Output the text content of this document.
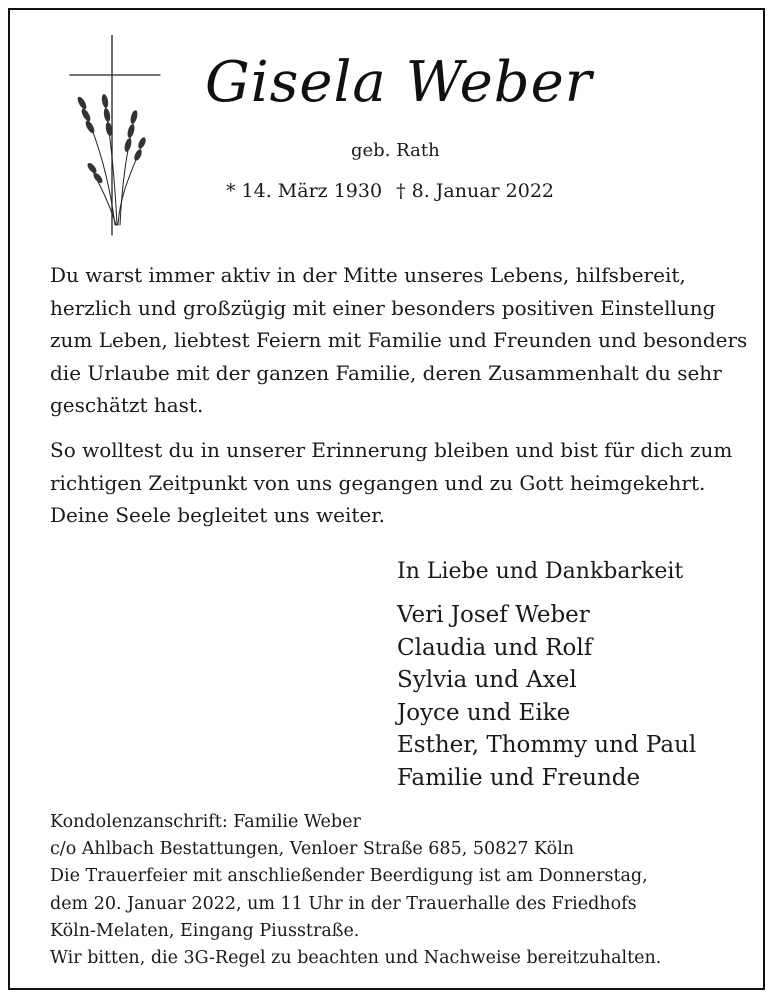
Gisela Weber
geb. Rath
* 14. März 1930 † 8. Januar 2022

Du warst immer aktiv in der Mitte unseres Lebens, hilfsbereit, herzlich und großzügig mit einer besonders positiven Einstellung zum Leben, liebtest Feiern mit Familie und Freunden und besonders die Urlaube mit der ganzen Familie, deren Zusammenhalt du sehr geschätzt hast.

So wolltest du in unserer Erinnerung bleiben und bist für dich zum richtigen Zeitpunkt von uns gegangen und zu Gott heimgekehrt. Deine Seele begleitet uns weiter.

In Liebe und Dankbarkeit
Veri Josef Weber
Claudia und Rolf
Sylvia und Axel
Joyce und Eike
Esther, Thommy und Paul
Familie und Freunde
Kondolenzanschrift: Familie Weber
c/o Ahlbach Bestattungen, Venloer Straße 685, 50827 Köln
Die Trauerfeier mit anschließender Beerdigung ist am Donnerstag,
dem 20. Januar 2022, um 11 Uhr in der Trauerhalle des Friedhofs
Köln-Melaten, Eingang Piusstraße.
Wir bitten, die 3G-Regel zu beachten und Nachweise bereitzuhalten.
